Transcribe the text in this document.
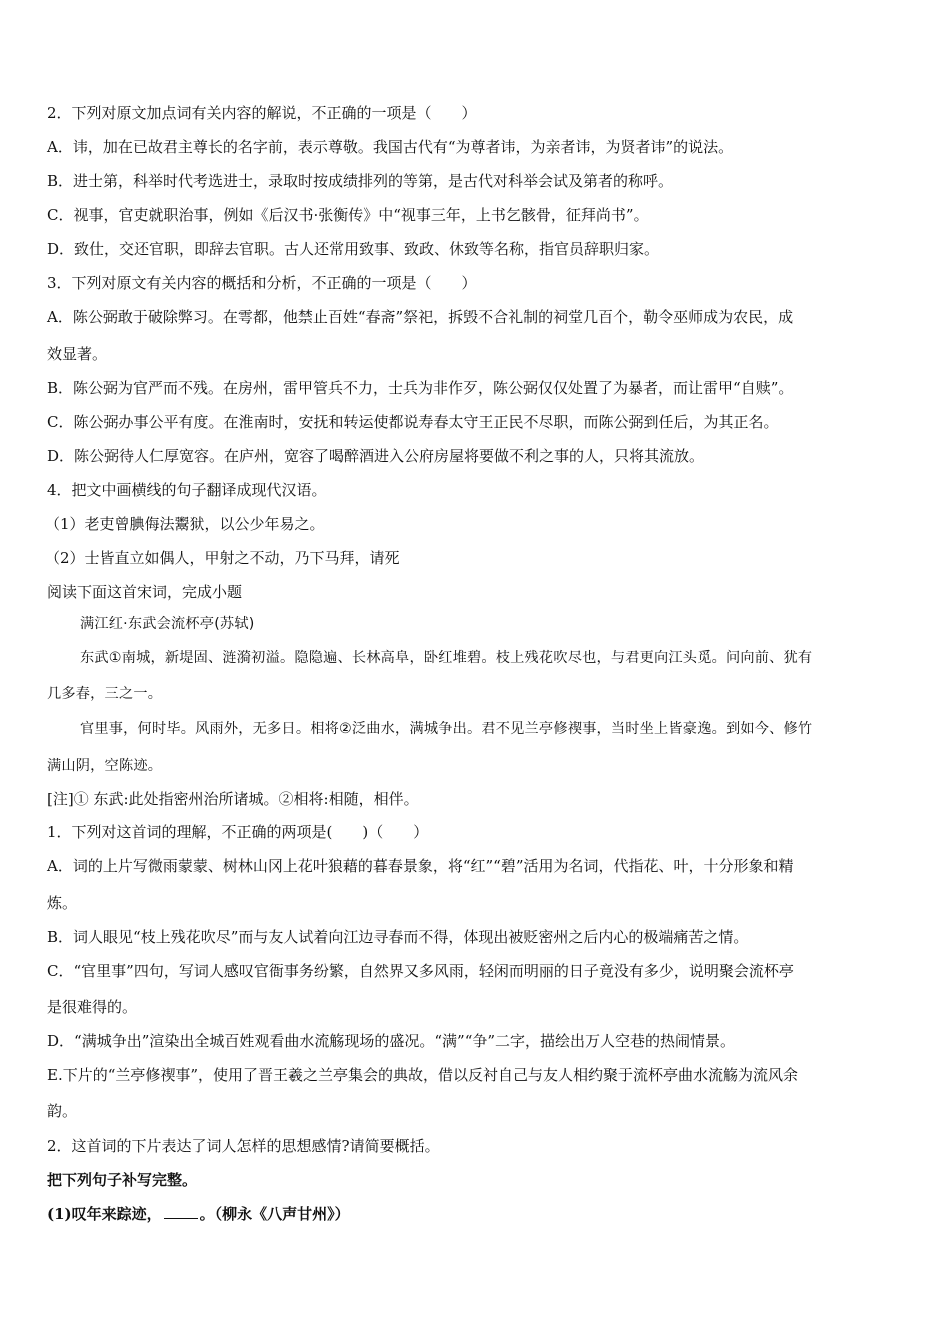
2．下列对原文加点词有关内容的解说，不正确的一项是（　　）
A．讳，加在已故君主尊长的名字前，表示尊敬。我国古代有“为尊者讳，为亲者讳，为贤者讳”的说法。
B．进士第，科举时代考选进士，录取时按成绩排列的等第，是古代对科举会试及第者的称呼。
C．视事，官吏就职治事，例如《后汉书·张衡传》中“视事三年，上书乞骸骨，征拜尚书”。
D．致仕，交还官职，即辞去官职。古人还常用致事、致政、休致等名称，指官员辞职归家。
3．下列对原文有关内容的概括和分析，不正确的一项是（　　）
A．陈公弼敢于破除弊习。在雩都，他禁止百姓“春斋”祭祀，拆毁不合礼制的祠堂几百个，勒令巫师成为农民，成
效显著。
B．陈公弼为官严而不残。在房州，雷甲管兵不力，士兵为非作歹，陈公弼仅仅处置了为暴者，而让雷甲“自赎”。
C．陈公弼办事公平有度。在淮南时，安抚和转运使都说寿春太守王正民不尽职，而陈公弼到任后，为其正名。
D．陈公弼待人仁厚宽容。在庐州，宽容了喝醉酒进入公府房屋将要做不利之事的人，只将其流放。
4．把文中画横线的句子翻译成现代汉语。
（1）老吏曾腆侮法鬻狱，以公少年易之。
（2）士皆直立如偶人，甲射之不动，乃下马拜，请死
阅读下面这首宋词，完成小题
满江红·东武会流杯亭(苏轼)
东武①南城，新堤固、涟漪初溢。隐隐遍、长林高阜，卧红堆碧。枝上残花吹尽也，与君更向江头觅。问向前、犹有
几多春，三之一。
官里事，何时毕。风雨外，无多日。相将②泛曲水，满城争出。君不见兰亭修禊事，当时坐上皆豪逸。到如今、修竹
满山阴，空陈迹。
[注]① 东武:此处指密州治所诸城。②相将:相随，相伴。
1．下列对这首词的理解，不正确的两项是(　　)（　　）
A．词的上片写微雨蒙蒙、树林山冈上花叶狼藉的暮春景象，将“红”“碧”活用为名词，代指花、叶，十分形象和精
炼。
B．词人眼见“枝上残花吹尽”而与友人试着向江边寻春而不得，体现出被贬密州之后内心的极端痛苦之情。
C．“官里事”四句，写词人感叹官衙事务纷繁，自然界又多风雨，轻闲而明丽的日子竟没有多少，说明聚会流杯亭
是很难得的。
D．“满城争出”渲染出全城百姓观看曲水流觞现场的盛况。“满”“争”二字，描绘出万人空巷的热闹情景。
E.下片的“兰亭修禊事”，使用了晋王羲之兰亭集会的典故，借以反衬自己与友人相约聚于流杯亭曲水流觞为流风余
韵。
2．这首词的下片表达了词人怎样的思想感情?请简要概括。
把下列句子补写完整。
(1)叹年来踪迹，	。（柳永《八声甘州》）
